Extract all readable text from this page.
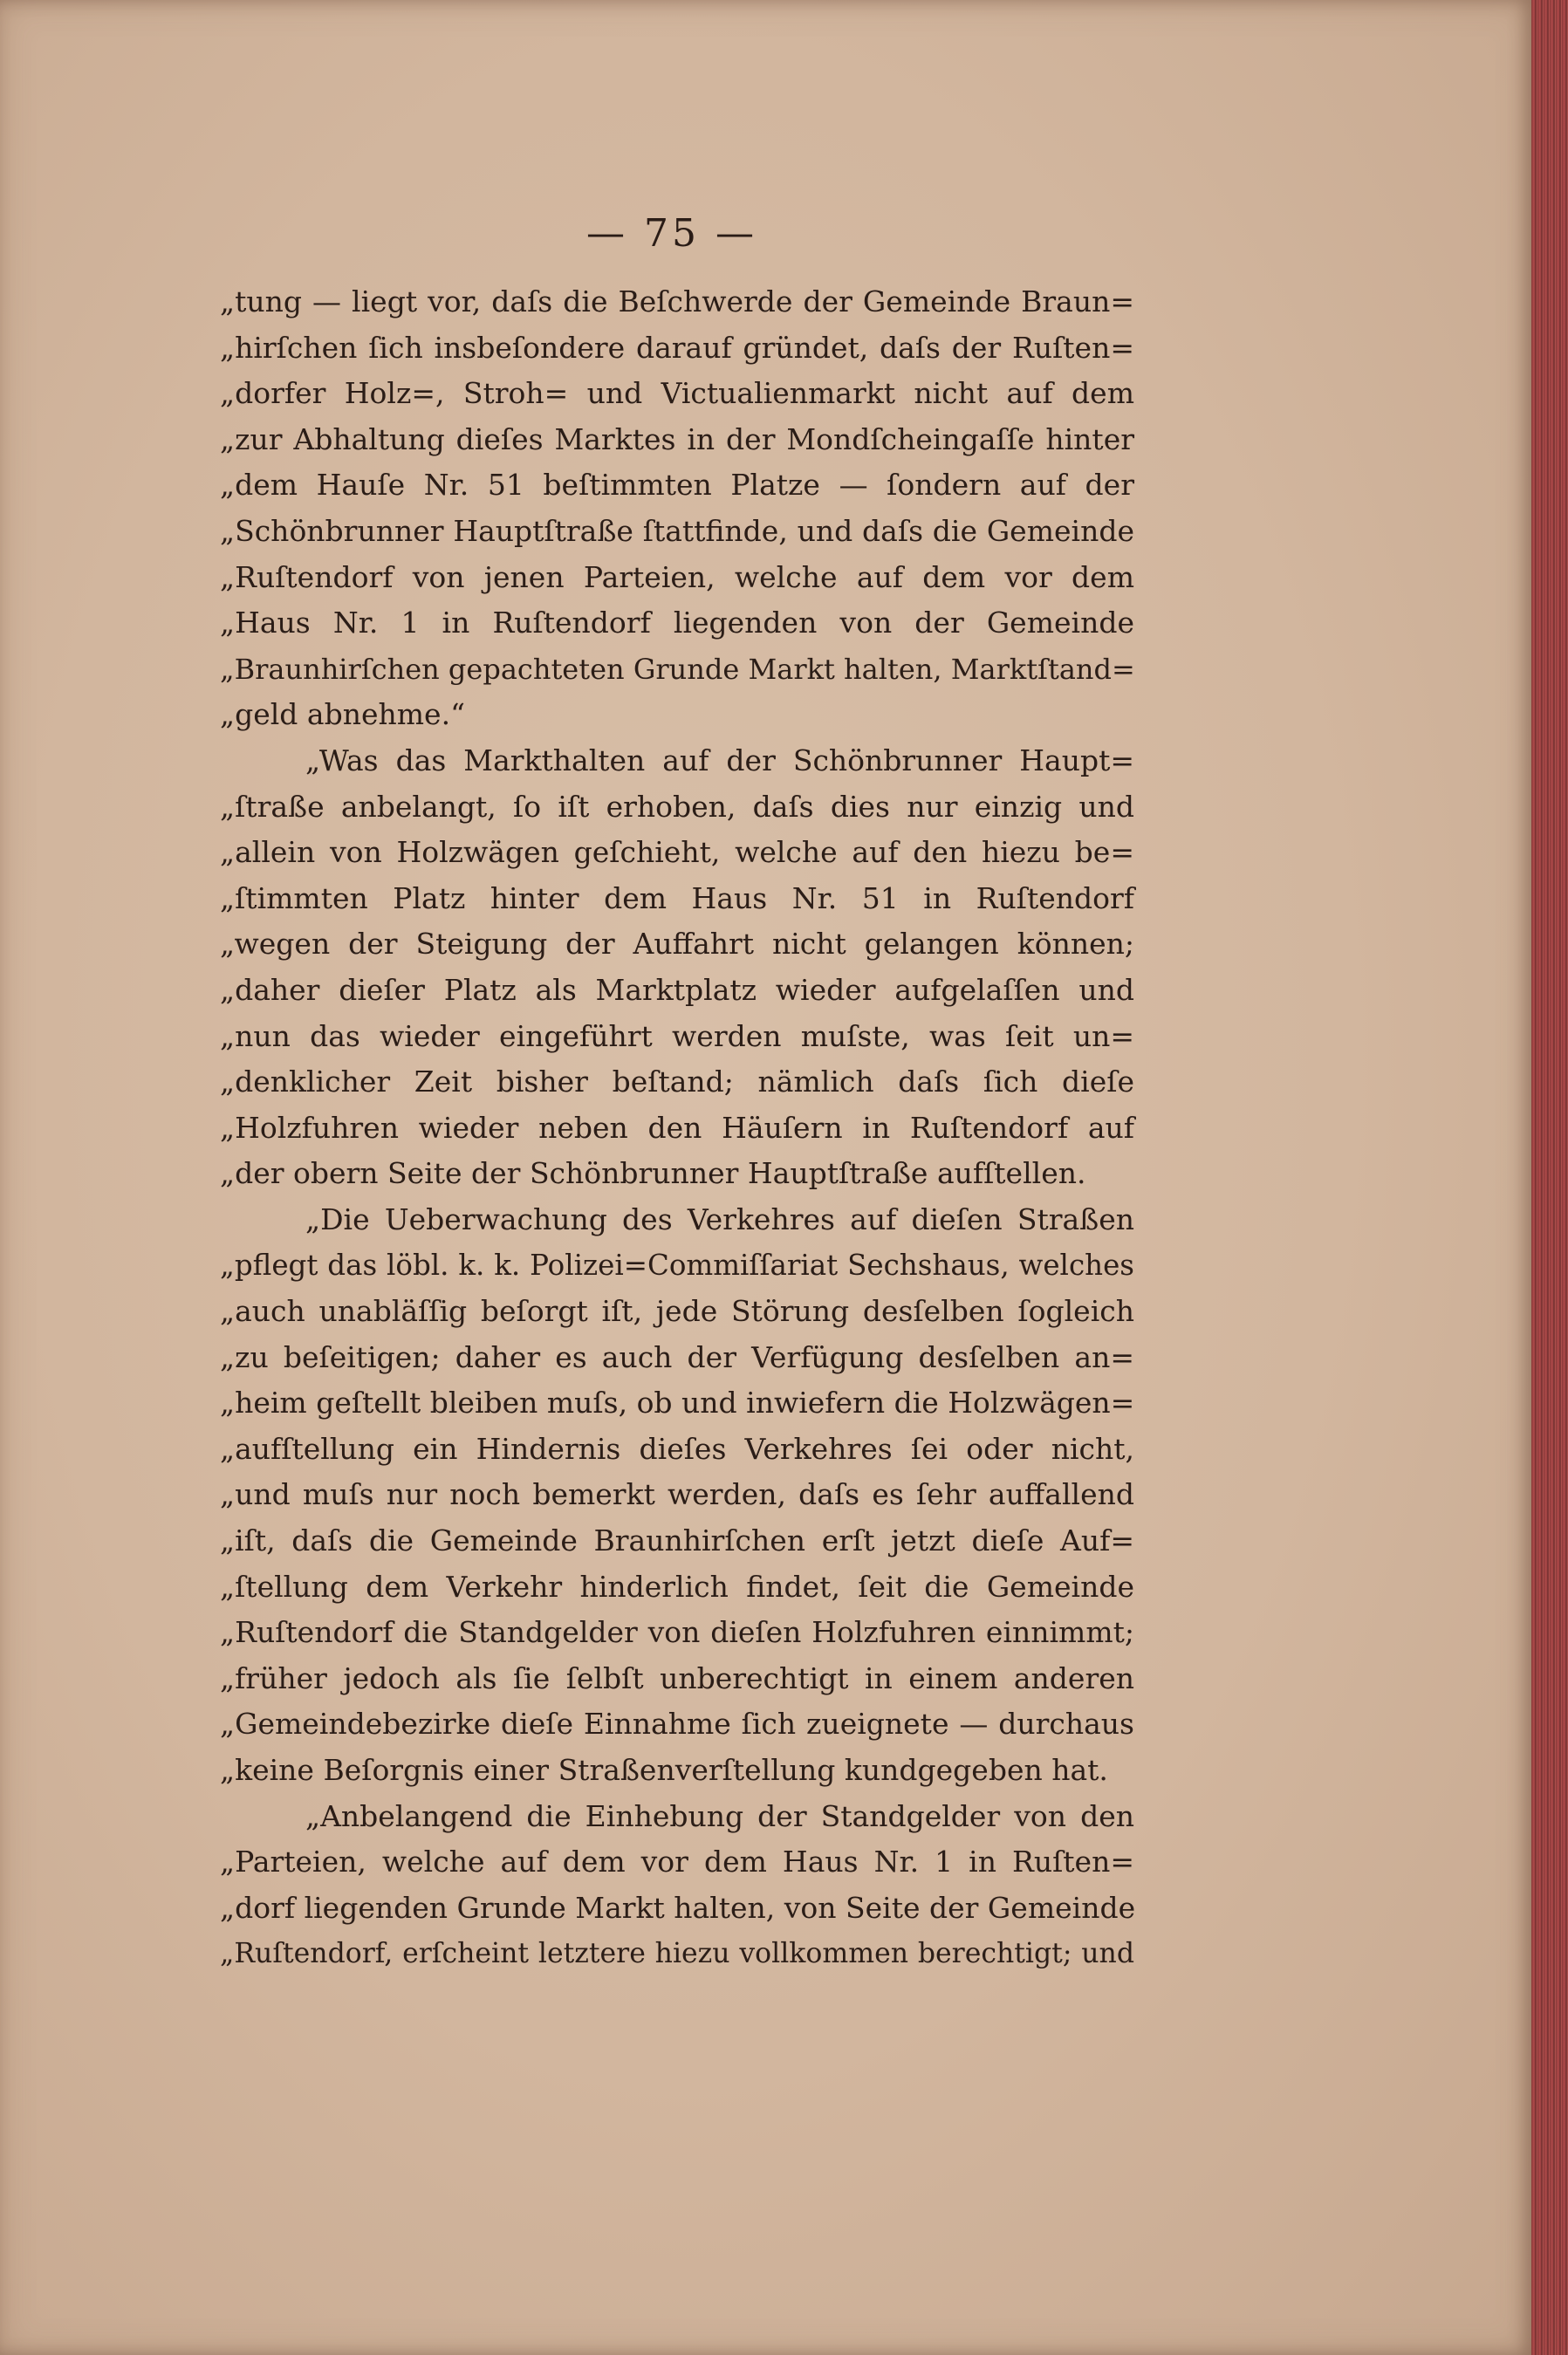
— 75 —
„tung — liegt vor, daſs die Beſchwerde der Gemeinde Braun=
„hirſchen ſich insbeſondere darauf gründet, daſs der Ruſten=
„dorfer Holz=, Stroh= und Victualienmarkt nicht auf dem
„zur Abhaltung dieſes Marktes in der Mondſcheingaſſe hinter
„dem Hauſe Nr. 51 beſtimmten Platze — ſondern auf der
„Schönbrunner Hauptſtraße ſtattfinde, und daſs die Gemeinde
„Ruſtendorf von jenen Parteien, welche auf dem vor dem
„Haus Nr. 1 in Ruſtendorf liegenden von der Gemeinde
„Braunhirſchen gepachteten Grunde Markt halten, Marktſtand=
„geld abnehme.“
„Was das Markthalten auf der Schönbrunner Haupt=
„ſtraße anbelangt, ſo iſt erhoben, daſs dies nur einzig und
„allein von Holzwägen geſchieht, welche auf den hiezu be=
„ſtimmten Platz hinter dem Haus Nr. 51 in Ruſtendorf
„wegen der Steigung der Auffahrt nicht gelangen können;
„daher dieſer Platz als Marktplatz wieder aufgelaſſen und
„nun das wieder eingeführt werden muſste, was ſeit un=
„denklicher Zeit bisher beſtand; nämlich daſs ſich dieſe
„Holzfuhren wieder neben den Häuſern in Ruſtendorf auf
„der obern Seite der Schönbrunner Hauptſtraße aufſtellen.
„Die Ueberwachung des Verkehres auf dieſen Straßen
„pflegt das löbl. k. k. Polizei=Commiſſariat Sechshaus, welches
„auch unabläſſig beſorgt iſt, jede Störung desſelben ſogleich
„zu beſeitigen; daher es auch der Verfügung desſelben an=
„heim geſtellt bleiben muſs, ob und inwiefern die Holzwägen=
„aufſtellung ein Hindernis dieſes Verkehres ſei oder nicht,
„und muſs nur noch bemerkt werden, daſs es ſehr auffallend
„iſt, daſs die Gemeinde Braunhirſchen erſt jetzt dieſe Auf=
„ſtellung dem Verkehr hinderlich findet, ſeit die Gemeinde
„Ruſtendorf die Standgelder von dieſen Holzfuhren einnimmt;
„früher jedoch als ſie ſelbſt unberechtigt in einem anderen
„Gemeindebezirke dieſe Einnahme ſich zueignete — durchaus
„keine Beſorgnis einer Straßenverſtellung kundgegeben hat.
„Anbelangend die Einhebung der Standgelder von den
„Parteien, welche auf dem vor dem Haus Nr. 1 in Ruſten=
„dorf liegenden Grunde Markt halten, von Seite der Gemeinde
„Ruſtendorf, erſcheint letztere hiezu vollkommen berechtigt; und
